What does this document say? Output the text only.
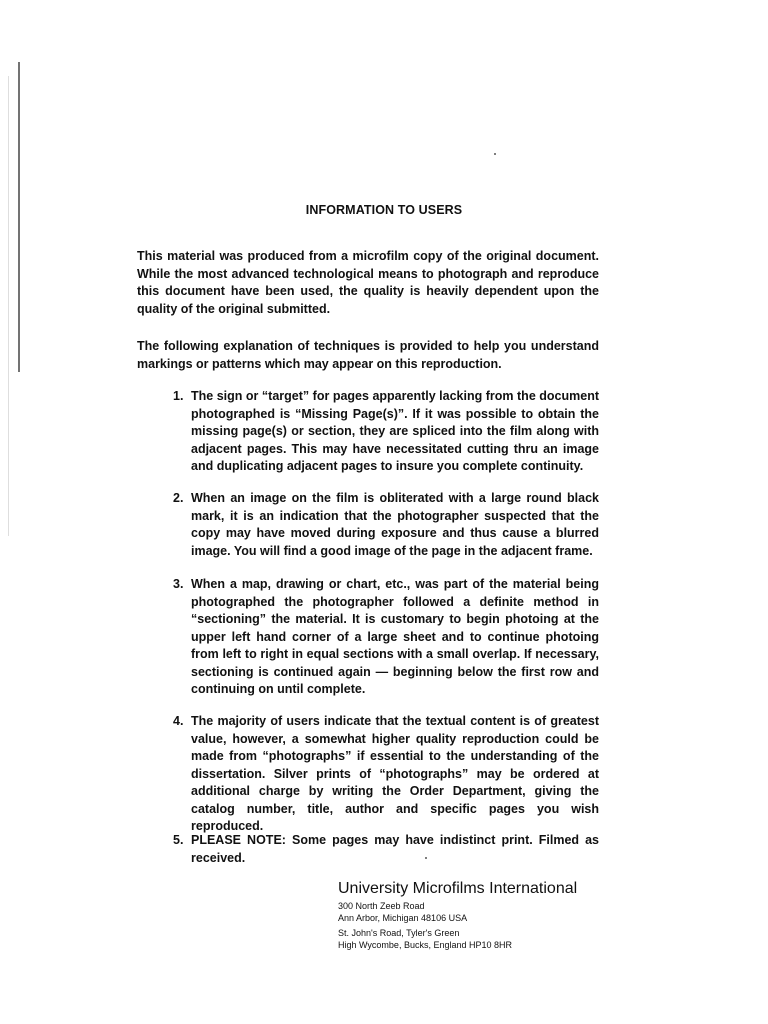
INFORMATION TO USERS
This material was produced from a microfilm copy of the original document. While the most advanced technological means to photograph and reproduce this document have been used, the quality is heavily dependent upon the quality of the original submitted.
The following explanation of techniques is provided to help you understand markings or patterns which may appear on this reproduction.
1. The sign or “target” for pages apparently lacking from the document photographed is “Missing Page(s)”. If it was possible to obtain the missing page(s) or section, they are spliced into the film along with adjacent pages. This may have necessitated cutting thru an image and duplicating adjacent pages to insure you complete continuity.
2. When an image on the film is obliterated with a large round black mark, it is an indication that the photographer suspected that the copy may have moved during exposure and thus cause a blurred image. You will find a good image of the page in the adjacent frame.
3. When a map, drawing or chart, etc., was part of the material being photographed the photographer followed a definite method in “sectioning” the material. It is customary to begin photoing at the upper left hand corner of a large sheet and to continue photoing from left to right in equal sections with a small overlap. If necessary, sectioning is continued again — beginning below the first row and continuing on until complete.
4. The majority of users indicate that the textual content is of greatest value, however, a somewhat higher quality reproduction could be made from “photographs” if essential to the understanding of the dissertation. Silver prints of “photographs” may be ordered at additional charge by writing the Order Department, giving the catalog number, title, author and specific pages you wish reproduced.
5. PLEASE NOTE: Some pages may have indistinct print. Filmed as received.
University Microfilms International
300 North Zeeb Road
Ann Arbor, Michigan 48106 USA
St. John's Road, Tyler's Green
High Wycombe, Bucks, England HP10 8HR
